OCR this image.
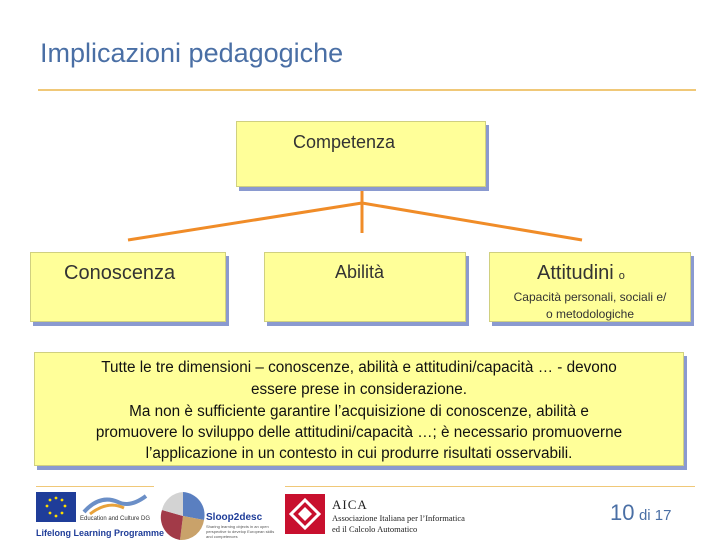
Implicazioni pedagogiche
Competenza
Conoscenza	Abilità	Attitudini o
Capacità personali, sociali e/
o metodologiche
Tutte le tre dimensioni – conoscenze, abilità e attitudini/capacità … - devono
essere prese in considerazione.
Ma non è sufficiente garantire l’acquisizione di conoscenze, abilità e
promuovere lo sviluppo delle attitudini/capacità …; è necessario promuoverne
l’applicazione in un contesto in cui produrre risultati osservabili.
Education and Culture DG
Lifelong Learning Programme
Sloop2desc
Sharing learning objects in an open perspective to develop European skills and competences
AICA
Associazione Italiana per l’Informatica
ed il Calcolo Automatico
10 di 17
